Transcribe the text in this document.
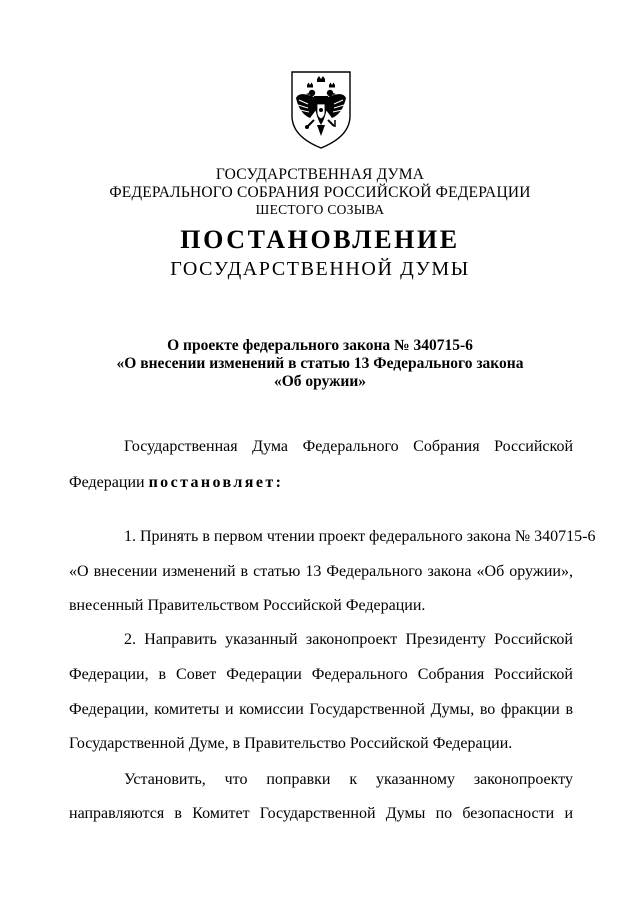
ГОСУДАРСТВЕННАЯ ДУМА

ФЕДЕРАЛЬНОГО СОБРАНИЯ РОССИЙСКОЙ ФЕДЕРАЦИИ

ШЕСТОГО СОЗЫВА

ПОСТАНОВЛЕНИЕ

ГОСУДАРСТВЕННОЙ ДУМЫ

О проекте федерального закона № 340715-6

«О внесении изменений в статью 13 Федерального закона

«Об оружии»

Государственная Дума Федерального Собрания Российской

Федерации постановляет:

1. Принять в первом чтении проект федерального закона № 340715-6

«О внесении изменений в статью 13 Федерального закона «Об оружии»,

внесенный Правительством Российской Федерации.

2. Направить указанный законопроект Президенту Российской

Федерации, в Совет Федерации Федерального Собрания Российской

Федерации, комитеты и комиссии Государственной Думы, во фракции в

Государственной Думе, в Правительство Российской Федерации.

Установить, что поправки к указанному законопроекту

направляются в Комитет Государственной Думы по безопасности и
